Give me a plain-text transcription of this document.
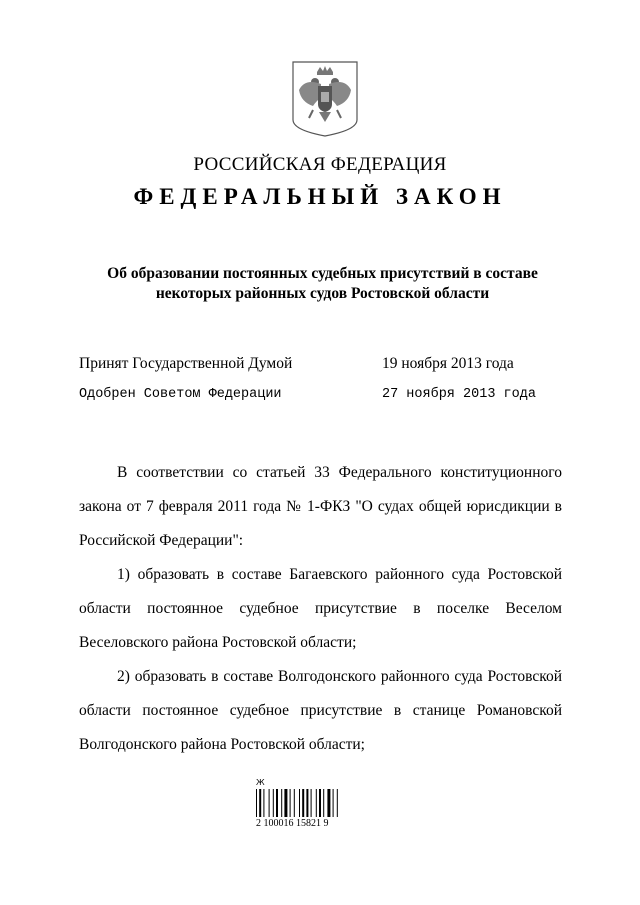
РОССИЙСКАЯ ФЕДЕРАЦИЯ
ФЕДЕРАЛЬНЫЙ ЗАКОН
Об образовании постоянных судебных присутствий в составе
некоторых районных судов Ростовской области
Принят Государственной Думой	19 ноября 2013 года
Одобрен Советом Федерации	27 ноября 2013 года

В соответствии со статьей 33 Федерального конституционного

закона от 7 февраля 2011 года № 1-ФКЗ "О судах общей юрисдикции в

Российской Федерации":

1) образовать в составе Багаевского районного суда Ростовской

области постоянное судебное присутствие в поселке Веселом

Веселовского района Ростовской области;

2) образовать в составе Волгодонского районного суда Ростовской

области постоянное судебное присутствие в станице Романовской

Волгодонского района Ростовской области;

Ж
2 100016 15821 9
